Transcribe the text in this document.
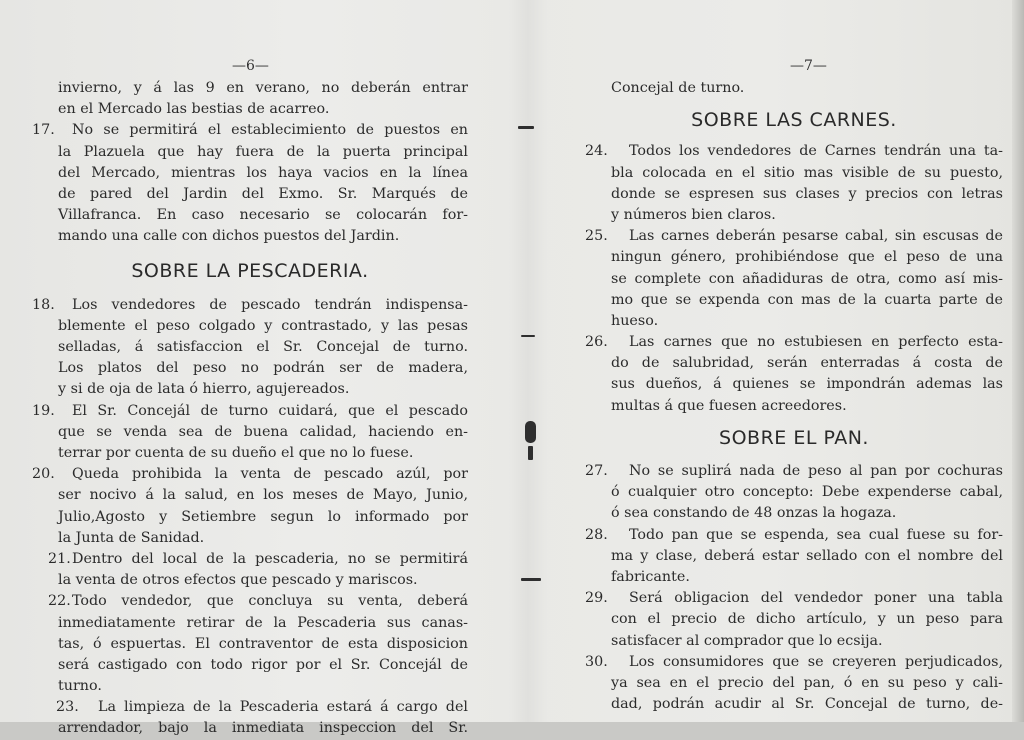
—6—
invierno, y á las 9 en verano, no deberán entrar
en el Mercado las bestias de acarreo.
17. No se permitirá el establecimiento de puestos en
la Plazuela que hay fuera de la puerta principal
del Mercado, mientras los haya vacios en la línea
de pared del Jardin del Exmo. Sr. Marqués de
Villafranca. En caso necesario se colocarán for-
mando una calle con dichos puestos del Jardin.
SOBRE LA PESCADERIA.
18. Los vendedores de pescado tendrán indispensa-
blemente el peso colgado y contrastado, y las pesas
selladas, á satisfaccion el Sr. Concejal de turno.
Los platos del peso no podrán ser de madera,
y si de oja de lata ó hierro, agujereados.
19. El Sr. Concejál de turno cuidará, que el pescado
que se venda sea de buena calidad, haciendo en-
terrar por cuenta de su dueño el que no lo fuese.
20. Queda prohibida la venta de pescado azúl, por
ser nocivo á la salud, en los meses de Mayo, Junio,
Julio,Agosto y Setiembre segun lo informado por
la Junta de Sanidad.
21. Dentro del local de la pescaderia, no se permitirá
la venta de otros efectos que pescado y mariscos.
22. Todo vendedor, que concluya su venta, deberá
inmediatamente retirar de la Pescaderia sus canas-
tas, ó espuertas. El contraventor de esta disposicion
será castigado con todo rigor por el Sr. Concejál de
turno.
23. La limpieza de la Pescaderia estará á cargo del
arrendador, bajo la inmediata inspeccion del Sr.
—7—
Concejal de turno.
SOBRE LAS CARNES.
24. Todos los vendedores de Carnes tendrán una ta-
bla colocada en el sitio mas visible de su puesto,
donde se espresen sus clases y precios con letras
y números bien claros.
25. Las carnes deberán pesarse cabal, sin escusas de
ningun género, prohibiéndose que el peso de una
se complete con añadiduras de otra, como así mis-
mo que se expenda con mas de la cuarta parte de
hueso.
26. Las carnes que no estubiesen en perfecto esta-
do de salubridad, serán enterradas á costa de
sus dueños, á quienes se impondrán ademas las
multas á que fuesen acreedores.
SOBRE EL PAN.
27. No se suplirá nada de peso al pan por cochuras
ó cualquier otro concepto: Debe expenderse cabal,
ó sea constando de 48 onzas la hogaza.
28. Todo pan que se espenda, sea cual fuese su for-
ma y clase, deberá estar sellado con el nombre del
fabricante.
29. Será obligacion del vendedor poner una tabla
con el precio de dicho artículo, y un peso para
satisfacer al comprador que lo ecsija.
30. Los consumidores que se creyeren perjudicados,
ya sea en el precio del pan, ó en su peso y cali-
dad, podrán acudir al Sr. Concejal de turno, de-
